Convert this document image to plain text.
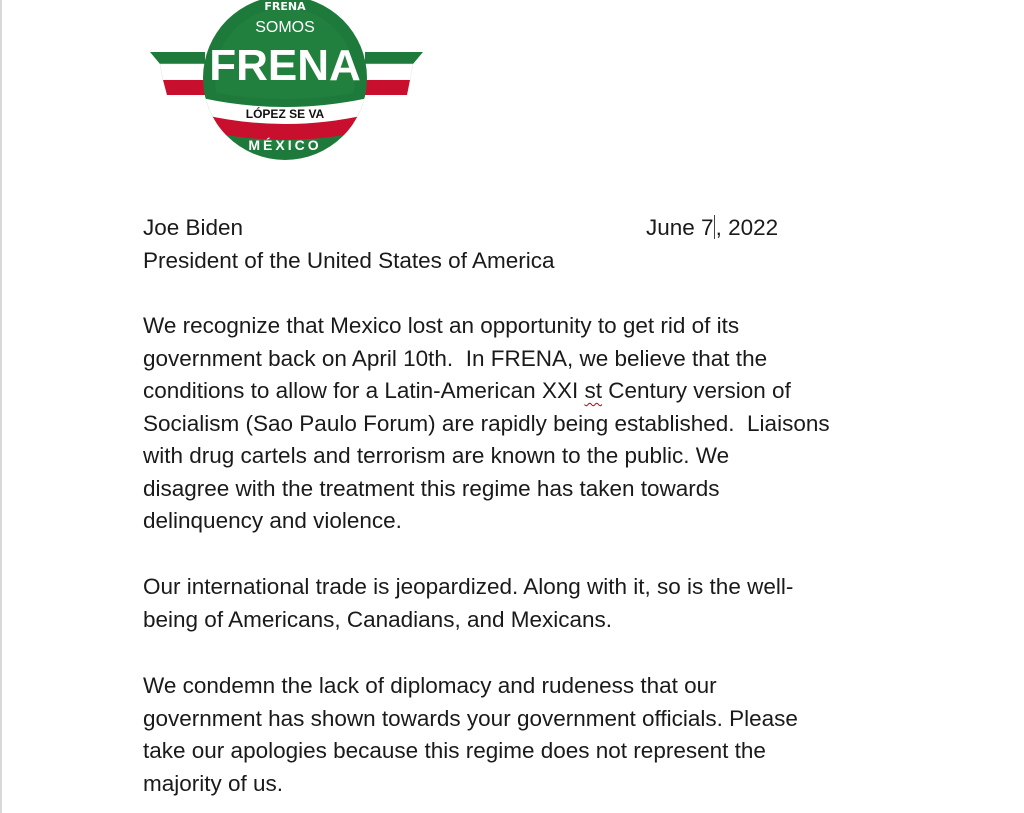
FRENA
SOMOS
FRENA
LÓPEZ SE VA
MÉXICO
Joe Biden
President of the United States of America
June 7, 2022
We recognize that Mexico lost an opportunity to get rid of its
government back on April 10th.  In FRENA, we believe that the
conditions to allow for a Latin-American XXI st Century version of
Socialism (Sao Paulo Forum) are rapidly being established.  Liaisons
with drug cartels and terrorism are known to the public. We
disagree with the treatment this regime has taken towards
delinquency and violence.
Our international trade is jeopardized. Along with it, so is the well-
being of Americans, Canadians, and Mexicans.
We condemn the lack of diplomacy and rudeness that our
government has shown towards your government officials. Please
take our apologies because this regime does not represent the
majority of us.
